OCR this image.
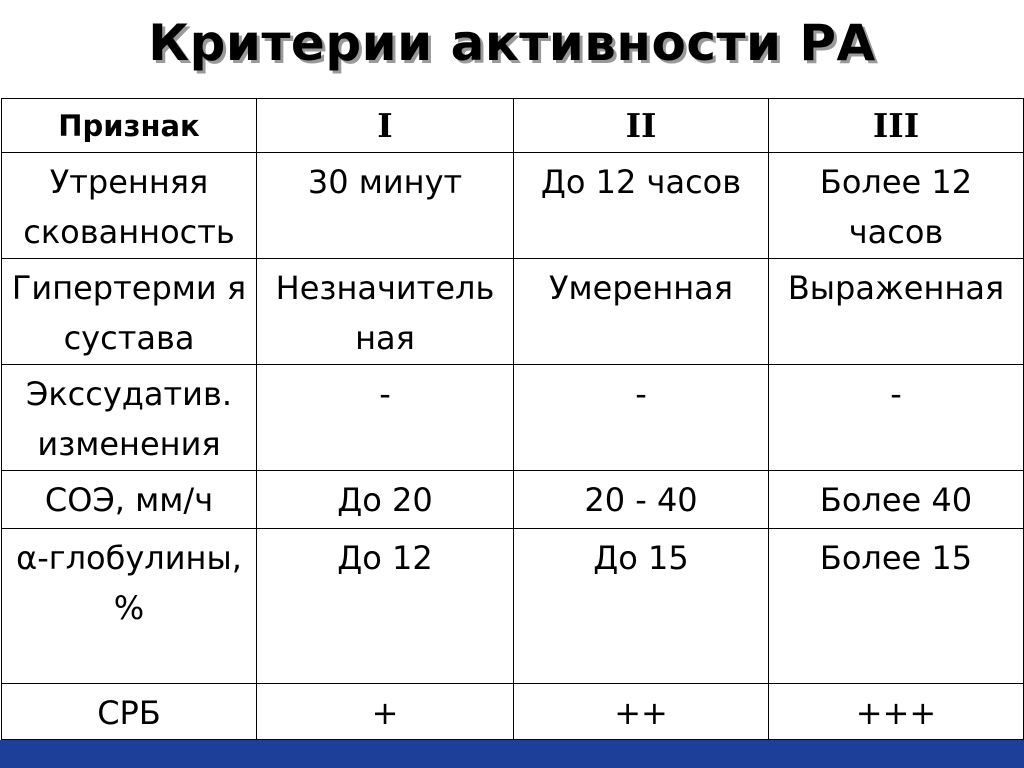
Критерии активности РА
Признак	I	II	III
Утренняя скованность	30 минут	До 12 часов	Более 12 часов
Гипертерми я сустава	Незначитель ная	Умеренная	Выраженная
Экссудатив. изменения	-	-	-
СОЭ, мм/ч	До 20	20 - 40	Более 40
α-глобулины, %	До 12	До 15	Более 15
СРБ	+	++	+++
